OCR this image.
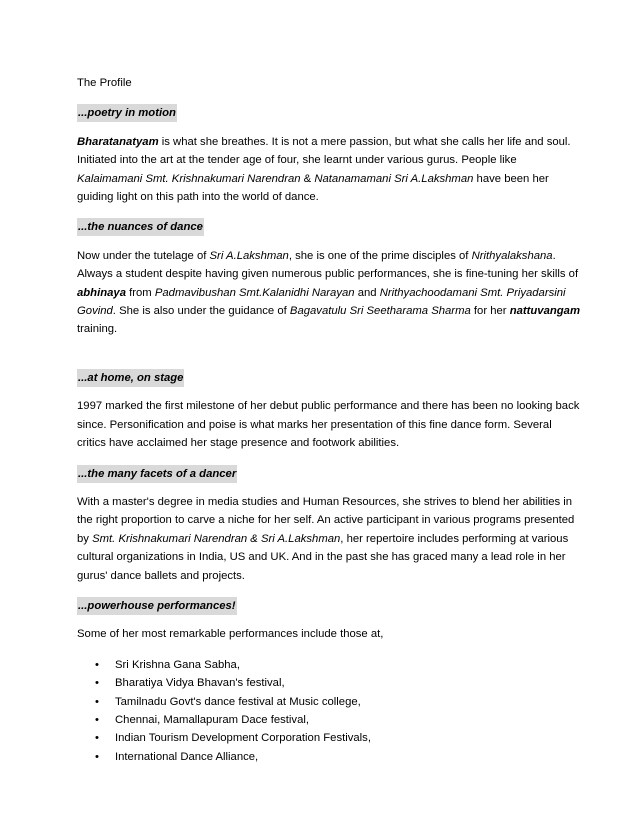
The Profile

...poetry in motion

Bharatanatyam is what she breathes. It is not a mere passion, but what she calls her life and soul. Initiated into the art at the tender age of four, she learnt under various gurus. People like Kalaimamani Smt. Krishnakumari Narendran & Natanamamani Sri A.Lakshman have been her guiding light on this path into the world of dance.

...the nuances of dance

Now under the tutelage of Sri A.Lakshman, she is one of the prime disciples of Nrithyalakshana. Always a student despite having given numerous public performances, she is fine-tuning her skills of abhinaya from Padmavibushan Smt.Kalanidhi Narayan and Nrithyachoodamani Smt. Priyadarsini Govind. She is also under the guidance of Bagavatulu Sri Seetharama Sharma for her nattuvangam training.

...at home, on stage

1997 marked the first milestone of her debut public performance and there has been no looking back since. Personification and poise is what marks her presentation of this fine dance form. Several critics have acclaimed her stage presence and footwork abilities.

...the many facets of a dancer

With a master's degree in media studies and Human Resources, she strives to blend her abilities in the right proportion to carve a niche for her self. An active participant in various programs presented by Smt. Krishnakumari Narendran & Sri A.Lakshman, her repertoire includes performing at various cultural organizations in India, US and UK. And in the past she has graced many a lead role in her gurus' dance ballets and projects.

...powerhouse performances!

Some of her most remarkable performances include those at,

• Sri Krishna Gana Sabha,
• Bharatiya Vidya Bhavan's festival,
• Tamilnadu Govt's dance festival at Music college,
• Chennai, Mamallapuram Dace festival,
• Indian Tourism Development Corporation Festivals,
• International Dance Alliance,
